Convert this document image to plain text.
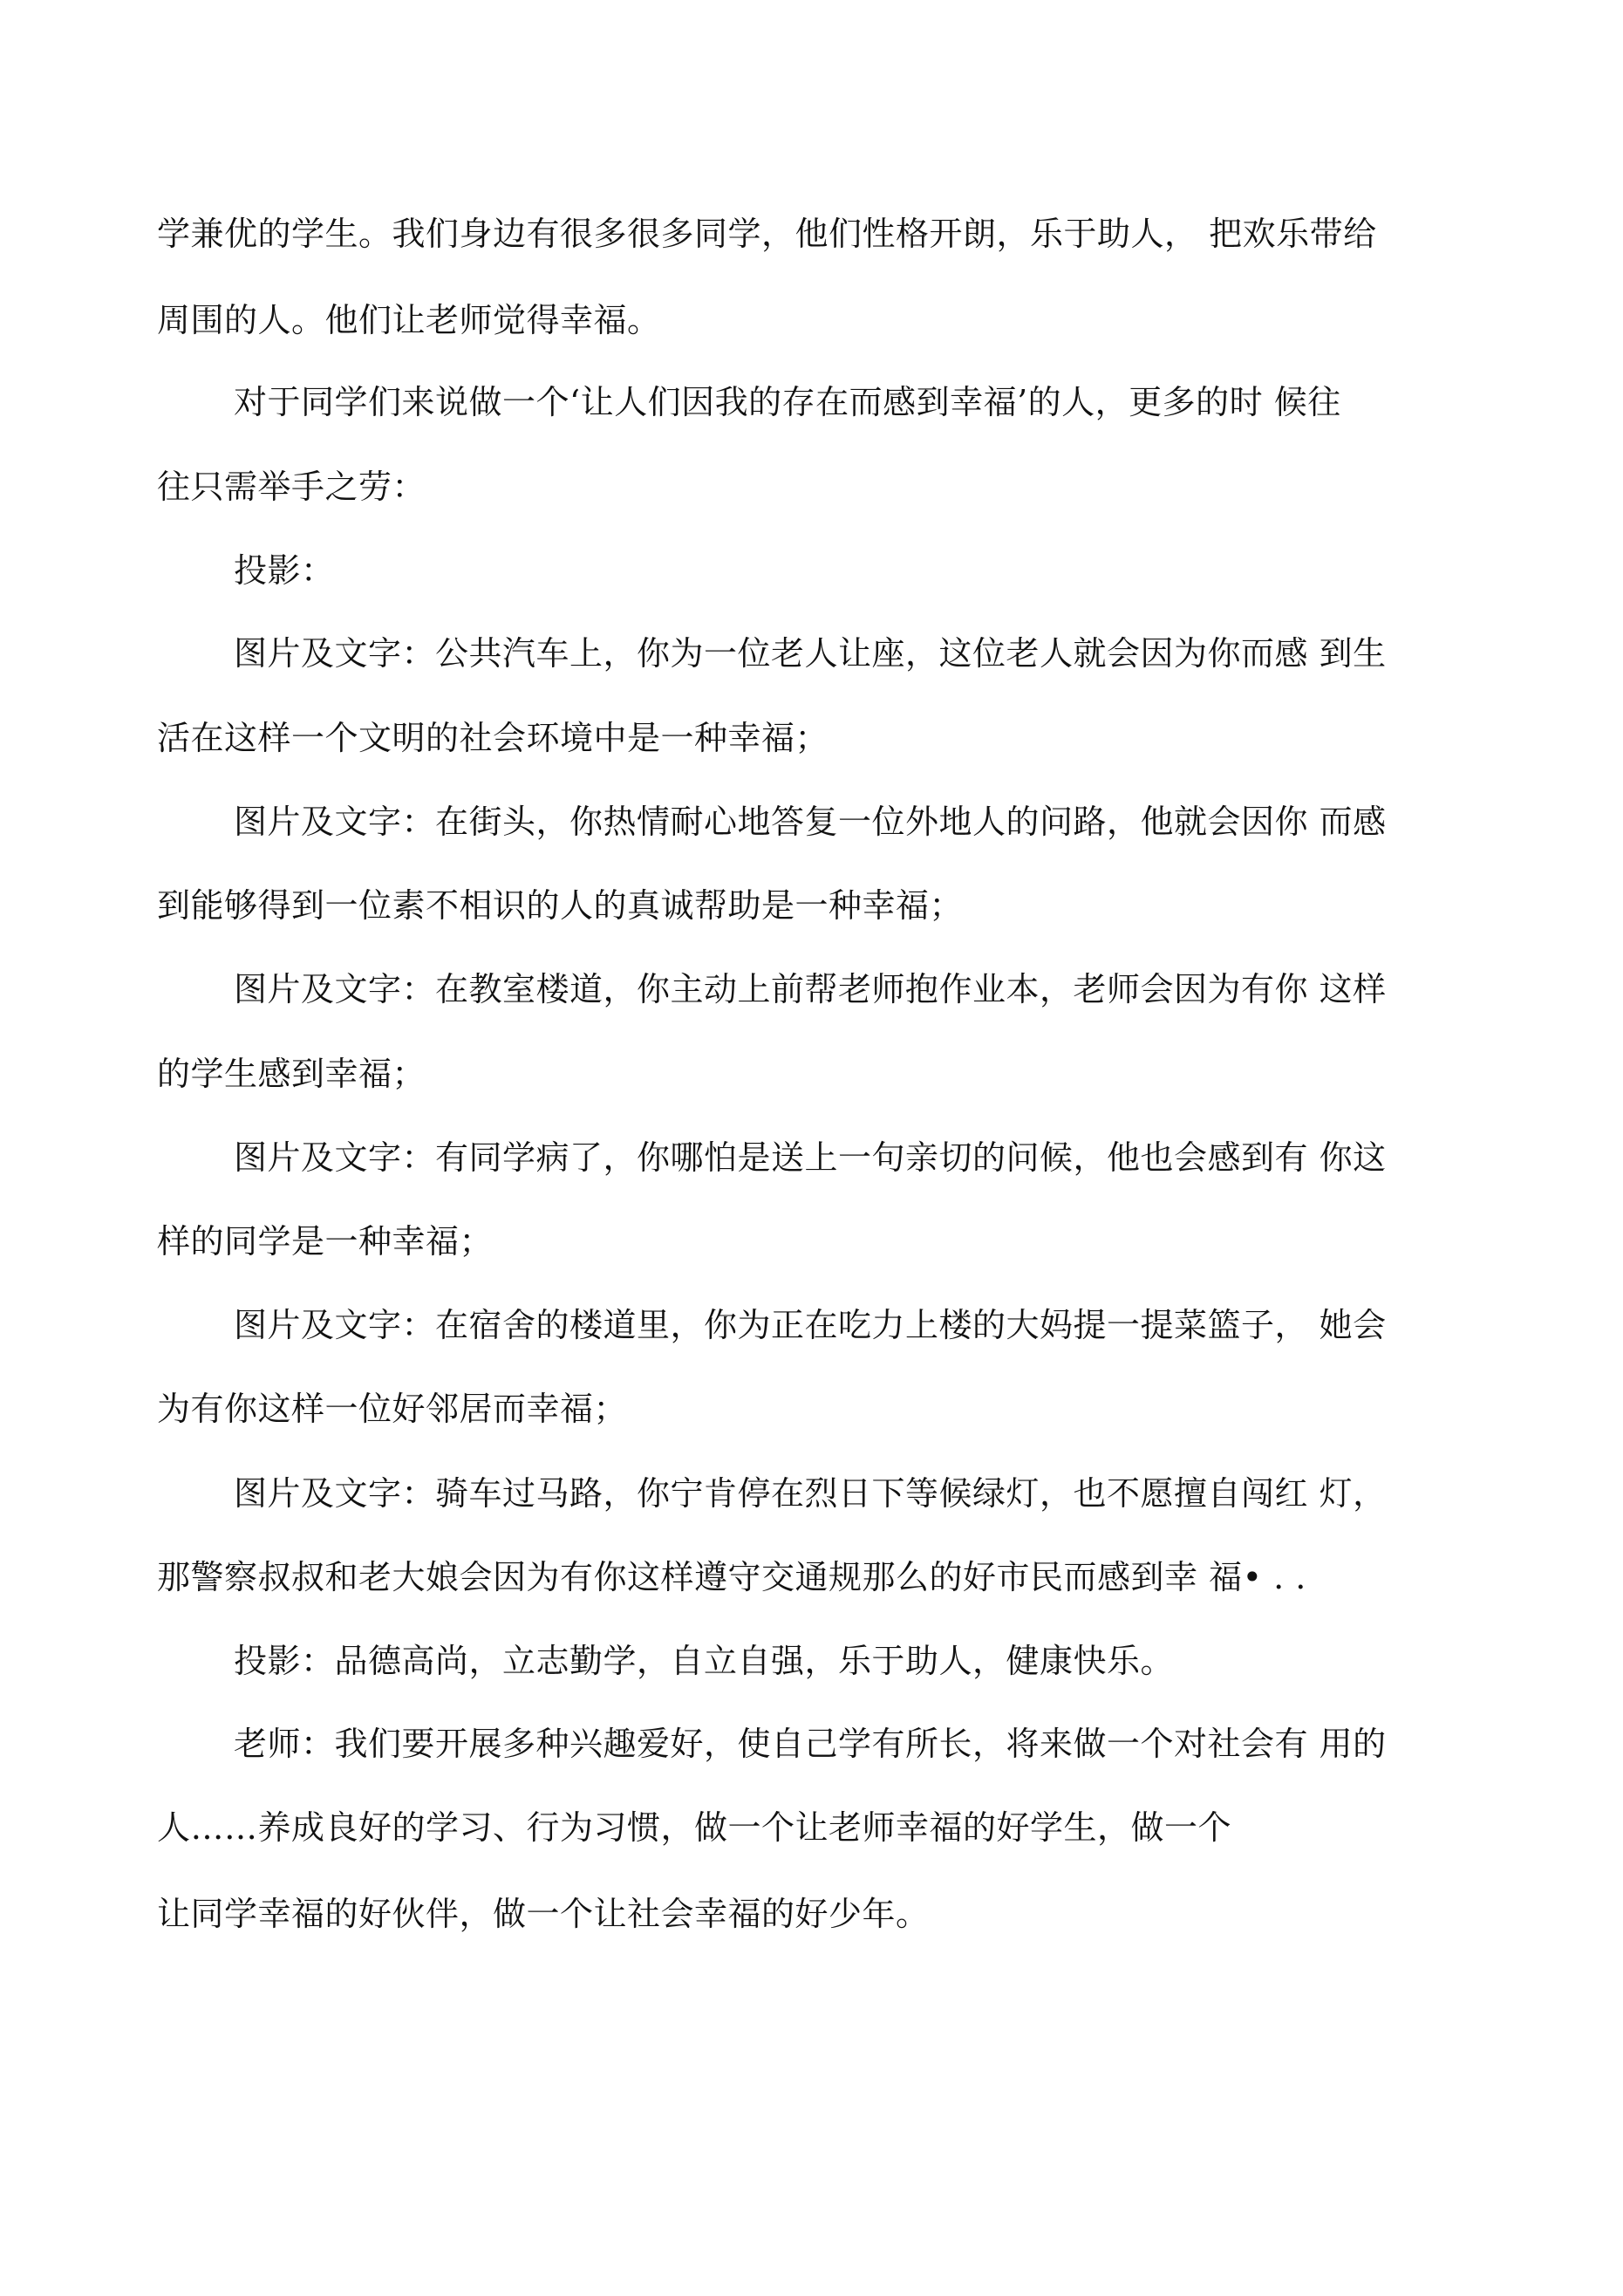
学兼优的学生。我们身边有很多很多同学，他们性格开朗，乐于助人， 把欢乐带给
周围的人。他们让老师觉得幸福。
对于同学们来说做一个‘让人们因我的存在而感到幸福’的人，更多的时 候往
往只需举手之劳：
投影：
图片及文字：公共汽车上，你为一位老人让座，这位老人就会因为你而感 到生
活在这样一个文明的社会环境中是一种幸福；
图片及文字：在街头，你热情耐心地答复一位外地人的问路，他就会因你 而感
到能够得到一位素不相识的人的真诚帮助是一种幸福；
图片及文字：在教室楼道，你主动上前帮老师抱作业本，老师会因为有你 这样
的学生感到幸福；
图片及文字：有同学病了，你哪怕是送上一句亲切的问候，他也会感到有 你这
样的同学是一种幸福；
图片及文字：在宿舍的楼道里，你为正在吃力上楼的大妈提一提菜篮子， 她会
为有你这样一位好邻居而幸福；
图片及文字：骑车过马路，你宁肯停在烈日下等候绿灯，也不愿擅自闯红 灯，
那警察叔叔和老大娘会因为有你这样遵守交通规那么的好市民而感到幸 福• . .
投影：品德高尚，立志勤学，自立自强，乐于助人，健康快乐。
老师：我们要开展多种兴趣爱好，使自己学有所长，将来做一个对社会有 用的
人……养成良好的学习、行为习惯，做一个让老师幸福的好学生，做一个
让同学幸福的好伙伴，做一个让社会幸福的好少年。
